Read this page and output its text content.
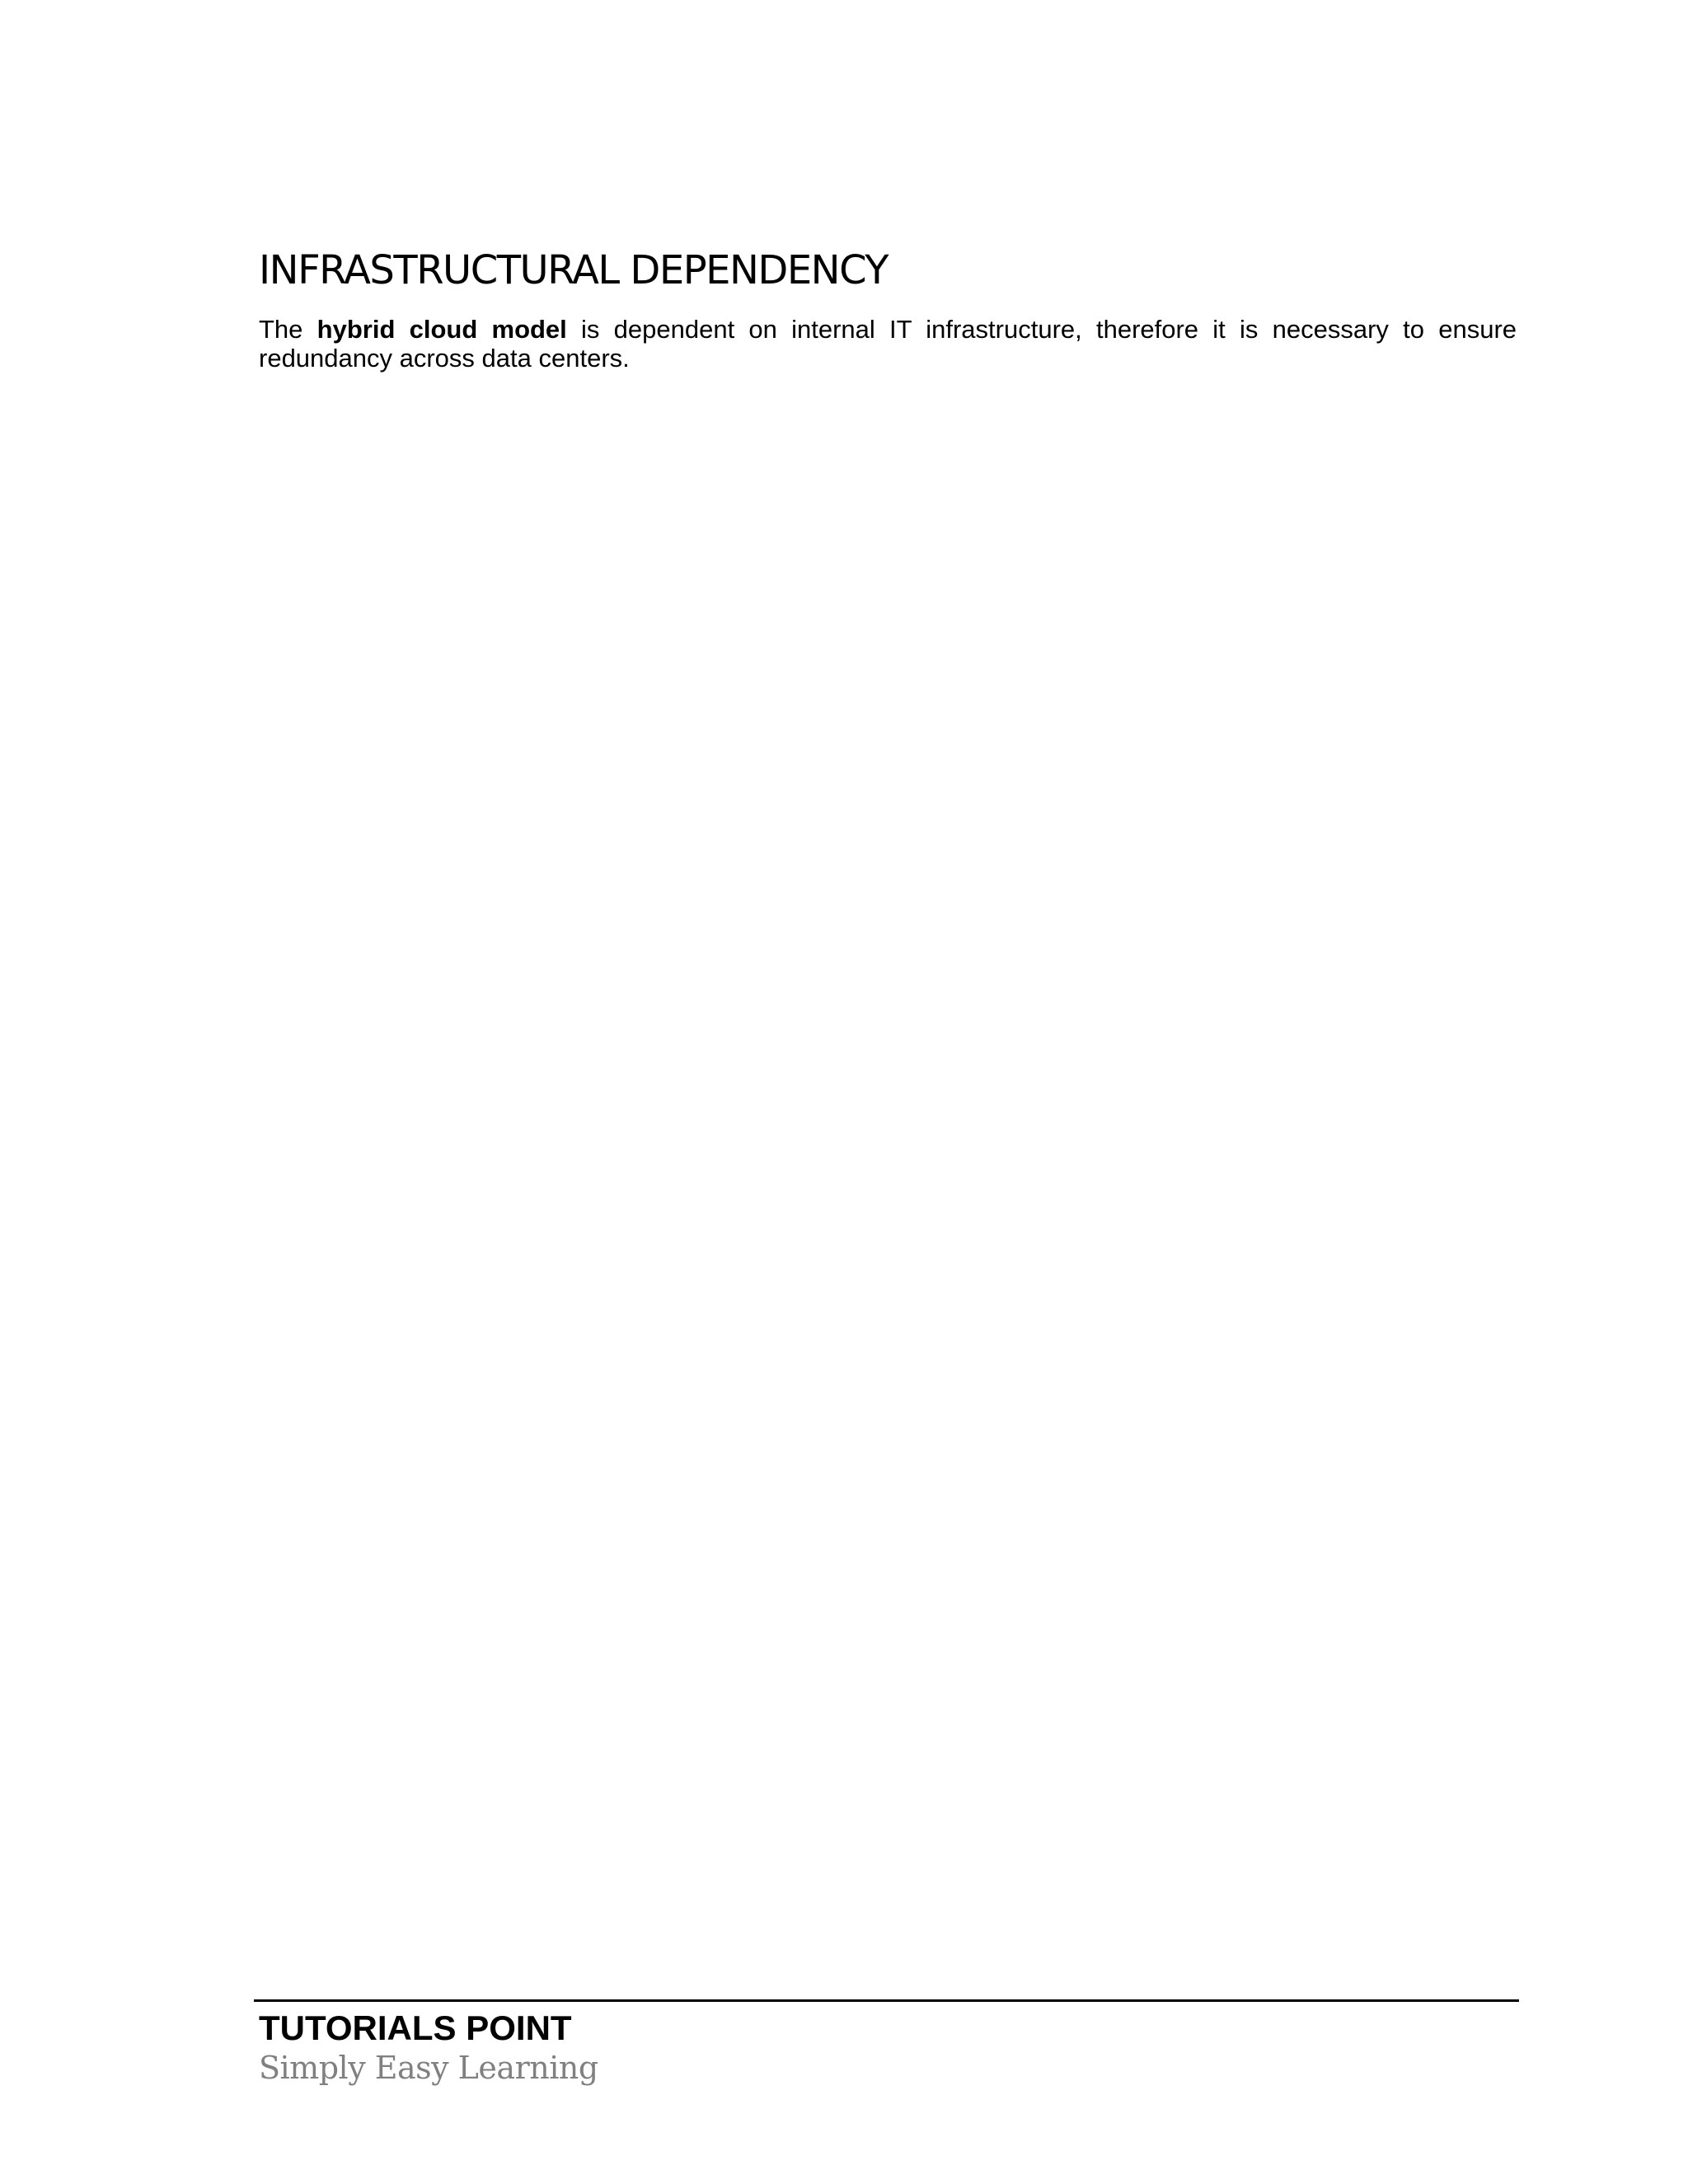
INFRASTRUCTURAL DEPENDENCY

The hybrid cloud model is dependent on internal IT infrastructure, therefore it is necessary to ensure redundancy across data centers.

TUTORIALS POINT
Simply Easy Learning
